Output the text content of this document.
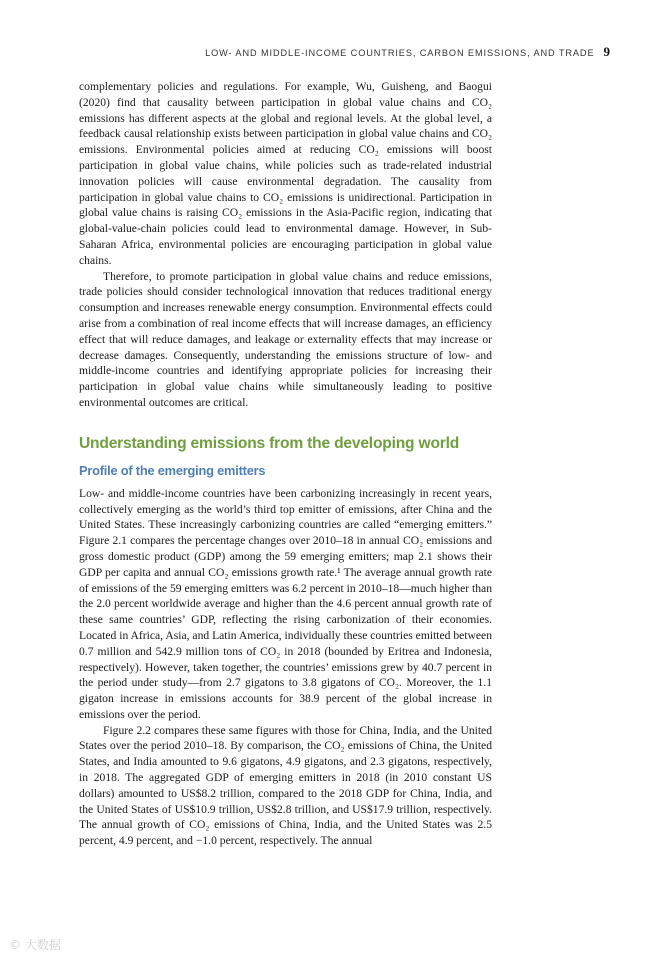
LOW- AND MIDDLE-INCOME COUNTRIES, CARBON EMISSIONS, AND TRADE 9

complementary policies and regulations. For example, Wu, Guisheng, and Baogui (2020) find that causality between participation in global value chains and CO₂ emissions has different aspects at the global and regional levels. At the global level, a feedback causal relationship exists between participation in global value chains and CO₂ emissions. Environmental policies aimed at reducing CO₂ emissions will boost participation in global value chains, while policies such as trade-related industrial innovation policies will cause environmental degradation. The causality from participation in global value chains to CO₂ emissions is unidirectional. Participation in global value chains is raising CO₂ emissions in the Asia-Pacific region, indicating that global-value-chain policies could lead to environmental damage. However, in Sub-Saharan Africa, environmental policies are encouraging participation in global value chains.

Therefore, to promote participation in global value chains and reduce emissions, trade policies should consider technological innovation that reduces traditional energy consumption and increases renewable energy consumption. Environmental effects could arise from a combination of real income effects that will increase damages, an efficiency effect that will reduce damages, and leakage or externality effects that may increase or decrease damages. Consequently, understanding the emissions structure of low- and middle-income countries and identifying appropriate policies for increasing their participation in global value chains while simultaneously leading to positive environmental outcomes are critical.

Understanding emissions from the developing world
Profile of the emerging emitters

Low- and middle-income countries have been carbonizing increasingly in recent years, collectively emerging as the world’s third top emitter of emissions, after China and the United States. These increasingly carbonizing countries are called “emerging emitters.” Figure 2.1 compares the percentage changes over 2010–18 in annual CO₂ emissions and gross domestic product (GDP) among the 59 emerging emitters; map 2.1 shows their GDP per capita and annual CO₂ emissions growth rate.¹ The average annual growth rate of emissions of the 59 emerging emitters was 6.2 percent in 2010–18—much higher than the 2.0 percent worldwide average and higher than the 4.6 percent annual growth rate of these same countries’ GDP, reflecting the rising carbonization of their economies. Located in Africa, Asia, and Latin America, individually these countries emitted between 0.7 million and 542.9 million tons of CO₂ in 2018 (bounded by Eritrea and Indonesia, respectively). However, taken together, the countries’ emissions grew by 40.7 percent in the period under study—from 2.7 gigatons to 3.8 gigatons of CO₂. Moreover, the 1.1 gigaton increase in emissions accounts for 38.9 percent of the global increase in emissions over the period.

Figure 2.2 compares these same figures with those for China, India, and the United States over the period 2010–18. By comparison, the CO₂ emissions of China, the United States, and India amounted to 9.6 gigatons, 4.9 gigatons, and 2.3 gigatons, respectively, in 2018. The aggregated GDP of emerging emitters in 2018 (in 2010 constant US dollars) amounted to US$8.2 trillion, compared to the 2018 GDP for China, India, and the United States of US$10.9 trillion, US$2.8 trillion, and US$17.9 trillion, respectively. The annual growth of CO₂ emissions of China, India, and the United States was 2.5 percent, 4.9 percent, and −1.0 percent, respectively. The annual

© 大数据
